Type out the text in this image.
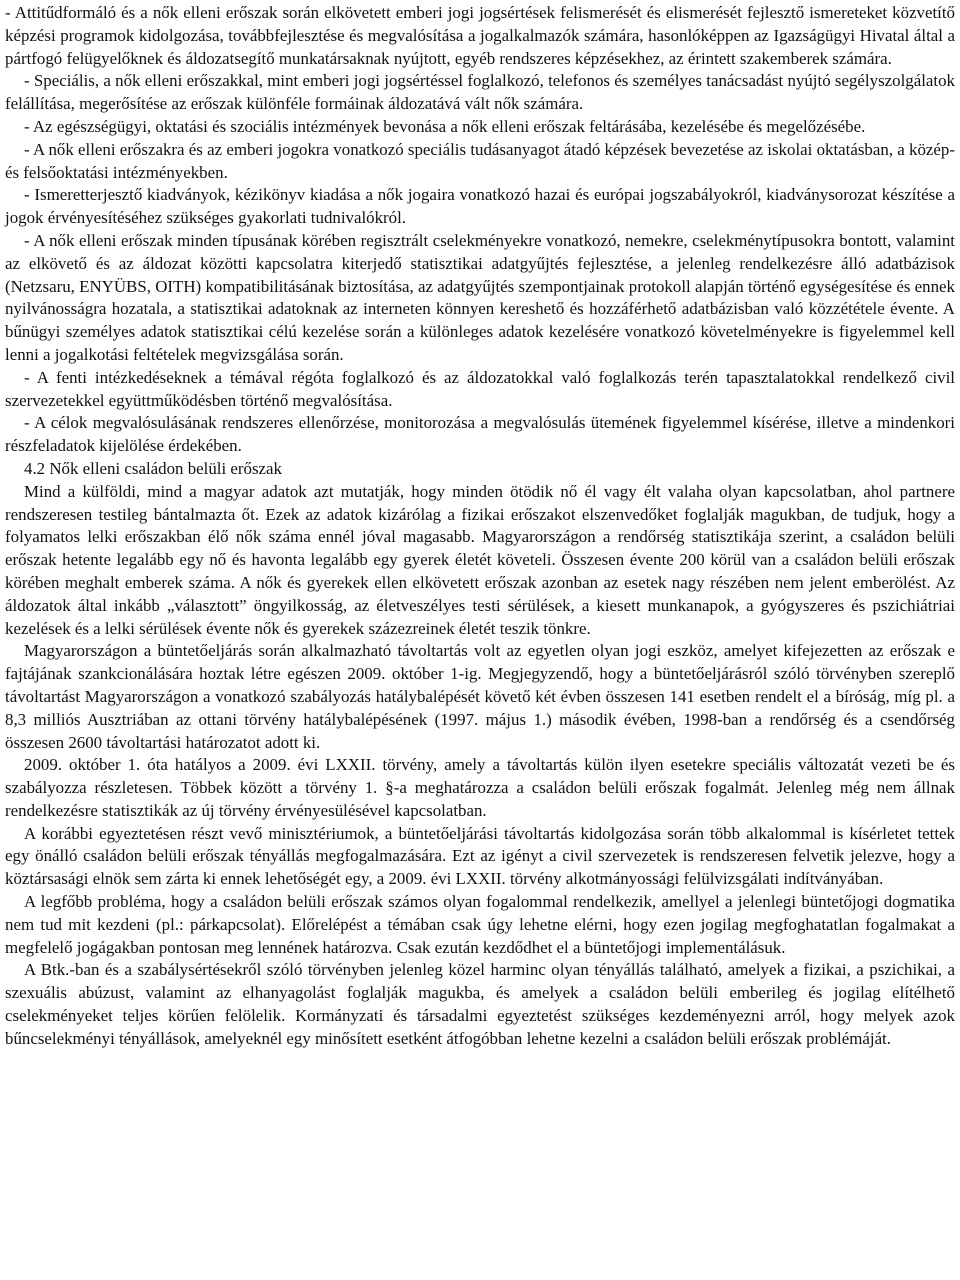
- Attitűdformáló és a nők elleni erőszak során elkövetett emberi jogi jogsértések felismerését és elismerését fejlesztő ismereteket közvetítő képzési programok kidolgozása, továbbfejlesztése és megvalósítása a jogalkalmazók számára, hasonlóképpen az Igazságügyi Hivatal által a pártfogó felügyelőknek és áldozatsegítő munkatársaknak nyújtott, egyéb rendszeres képzésekhez, az érintett szakemberek számára.

- Speciális, a nők elleni erőszakkal, mint emberi jogi jogsértéssel foglalkozó, telefonos és személyes tanácsadást nyújtó segélyszolgálatok felállítása, megerősítése az erőszak különféle formáinak áldozatává vált nők számára.

- Az egészségügyi, oktatási és szociális intézmények bevonása a nők elleni erőszak feltárásába, kezelésébe és megelőzésébe.

- A nők elleni erőszakra és az emberi jogokra vonatkozó speciális tudásanyagot átadó képzések bevezetése az iskolai oktatásban, a közép- és felsőoktatási intézményekben.

- Ismeretterjesztő kiadványok, kézikönyv kiadása a nők jogaira vonatkozó hazai és európai jogszabályokról, kiadványsorozat készítése a jogok érvényesítéséhez szükséges gyakorlati tudnivalókról.

- A nők elleni erőszak minden típusának körében regisztrált cselekményekre vonatkozó, nemekre, cselekménytípusokra bontott, valamint az elkövető és az áldozat közötti kapcsolatra kiterjedő statisztikai adatgyűjtés fejlesztése, a jelenleg rendelkezésre álló adatbázisok (Netzsaru, ENYÜBS, OITH) kompatibilitásának biztosítása, az adatgyűjtés szempontjainak protokoll alapján történő egységesítése és ennek nyilvánosságra hozatala, a statisztikai adatoknak az interneten könnyen kereshető és hozzáférhető adatbázisban való közzététele évente. A bűnügyi személyes adatok statisztikai célú kezelése során a különleges adatok kezelésére vonatkozó követelményekre is figyelemmel kell lenni a jogalkotási feltételek megvizsgálása során.

- A fenti intézkedéseknek a témával régóta foglalkozó és az áldozatokkal való foglalkozás terén tapasztalatokkal rendelkező civil szervezetekkel együttműködésben történő megvalósítása.

- A célok megvalósulásának rendszeres ellenőrzése, monitorozása a megvalósulás ütemének figyelemmel kísérése, illetve a mindenkori részfeladatok kijelölése érdekében.

4.2 Nők elleni családon belüli erőszak

Mind a külföldi, mind a magyar adatok azt mutatják, hogy minden ötödik nő él vagy élt valaha olyan kapcsolatban, ahol partnere rendszeresen testileg bántalmazta őt. Ezek az adatok kizárólag a fizikai erőszakot elszenvedőket foglalják magukban, de tudjuk, hogy a folyamatos lelki erőszakban élő nők száma ennél jóval magasabb. Magyarországon a rendőrség statisztikája szerint, a családon belüli erőszak hetente legalább egy nő és havonta legalább egy gyerek életét követeli. Összesen évente 200 körül van a családon belüli erőszak körében meghalt emberek száma. A nők és gyerekek ellen elkövetett erőszak azonban az esetek nagy részében nem jelent emberölést. Az áldozatok által inkább „választott” öngyilkosság, az életveszélyes testi sérülések, a kiesett munkanapok, a gyógyszeres és pszichiátriai kezelések és a lelki sérülések évente nők és gyerekek százezreinek életét teszik tönkre.

Magyarországon a büntetőeljárás során alkalmazható távoltartás volt az egyetlen olyan jogi eszköz, amelyet kifejezetten az erőszak e fajtájának szankcionálására hoztak létre egészen 2009. október 1-ig. Megjegyzendő, hogy a büntetőeljárásról szóló törvényben szereplő távoltartást Magyarországon a vonatkozó szabályozás hatálybalépését követő két évben összesen 141 esetben rendelt el a bíróság, míg pl. a 8,3 milliós Ausztriában az ottani törvény hatálybalépésének (1997. május 1.) második évében, 1998-ban a rendőrség és a csendőrség összesen 2600 távoltartási határozatot adott ki.

2009. október 1. óta hatályos a 2009. évi LXXII. törvény, amely a távoltartás külön ilyen esetekre speciális változatát vezeti be és szabályozza részletesen. Többek között a törvény 1. §-a meghatározza a családon belüli erőszak fogalmát. Jelenleg még nem állnak rendelkezésre statisztikák az új törvény érvényesülésével kapcsolatban.

A korábbi egyeztetésen részt vevő minisztériumok, a büntetőeljárási távoltartás kidolgozása során több alkalommal is kísérletet tettek egy önálló családon belüli erőszak tényállás megfogalmazására. Ezt az igényt a civil szervezetek is rendszeresen felvetik jelezve, hogy a köztársasági elnök sem zárta ki ennek lehetőségét egy, a 2009. évi LXXII. törvény alkotmányossági felülvizsgálati indítványában.

A legfőbb probléma, hogy a családon belüli erőszak számos olyan fogalommal rendelkezik, amellyel a jelenlegi büntetőjogi dogmatika nem tud mit kezdeni (pl.: párkapcsolat). Előrelépést a témában csak úgy lehetne elérni, hogy ezen jogilag megfoghatatlan fogalmakat a megfelelő jogágakban pontosan meg lennének határozva. Csak ezután kezdődhet el a büntetőjogi implementálásuk.

A Btk.-ban és a szabálysértésekről szóló törvényben jelenleg közel harminc olyan tényállás található, amelyek a fizikai, a pszichikai, a szexuális abúzust, valamint az elhanyagolást foglalják magukba, és amelyek a családon belüli emberileg és jogilag elítélhető cselekményeket teljes körűen felölelik. Kormányzati és társadalmi egyeztetést szükséges kezdeményezni arról, hogy melyek azok bűncselekményi tényállások, amelyeknél egy minősített esetként átfogóbban lehetne kezelni a családon belüli erőszak problémáját.
